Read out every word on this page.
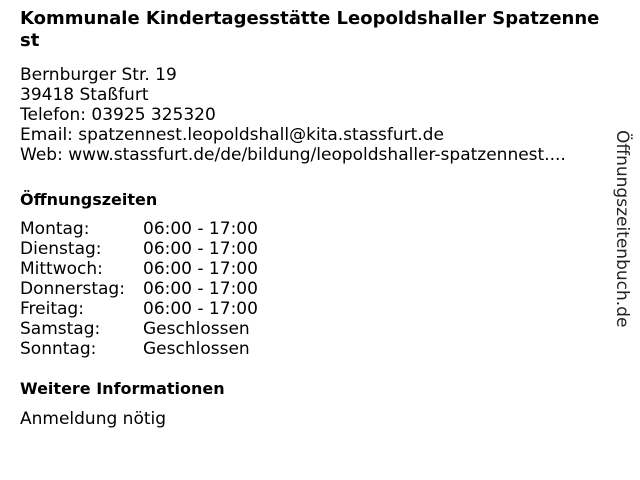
Kommunale Kindertagesstätte Leopoldshaller Spatzennest
Bernburger Str. 19
39418 Staßfurt
Telefon: 03925 325320
Email: spatzennest.leopoldshall@kita.stassfurt.de
Web: www.stassfurt.de/de/bildung/leopoldshaller-spatzennest....
Öffnungszeiten
Montag:	06:00 - 17:00
Dienstag:	06:00 - 17:00
Mittwoch:	06:00 - 17:00
Donnerstag:	06:00 - 17:00
Freitag:	06:00 - 17:00
Samstag:	Geschlossen
Sonntag:	Geschlossen
Weitere Informationen
Anmeldung nötig
Öffnungszeitenbuch.de
